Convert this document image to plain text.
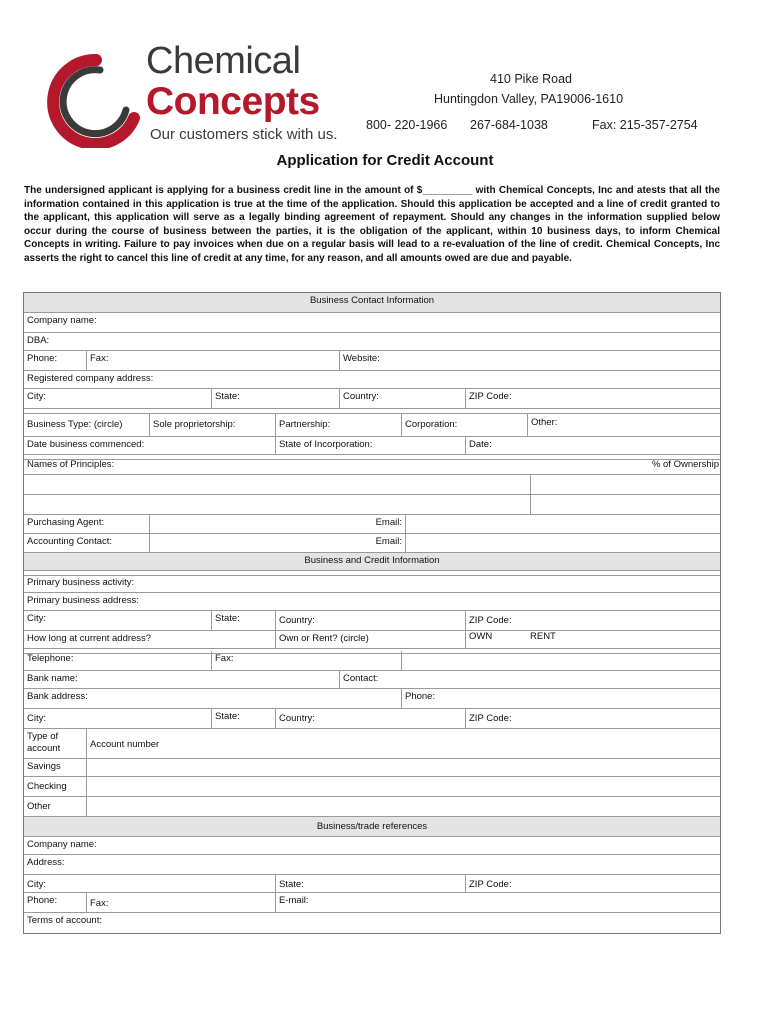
Chemical
Concepts
Our customers stick with us.
410 Pike Road
Huntingdon Valley, PA19006-1610
800- 220-1966 267-684-1038	Fax: 215-357-2754
Application for Credit Account
The undersigned applicant is applying for a business credit line in the amount of $_________ with Chemical Concepts, Inc and atests that all the information contained in this application is true at the time of the application. Should this application be accepted and a line of credit granted to the applicant, this application will serve as a legally binding agreement of repayment. Should any changes in the information supplied below occur during the course of business between the parties, it is the obligation of the applicant, within 10 business days, to inform Chemical Concepts in writing. Failure to pay invoices when due on a regular basis will lead to a re-evaluation of the line of credit. Chemical Concepts, Inc asserts the right to cancel this line of credit at any time, for any reason, and all amounts owed are due and payable.
Business Contact Information
Company name:
DBA:
Phone:	Fax:	Website:
Registered company address:
City:	State:	Country:	ZIP Code:
Business Type: (circle)	Sole proprietorship:	Partnership:	Corporation:	Other:
Date business commenced:	State of Incorporation:	Date:
Names of Principles:	% of Ownership
Purchasing Agent:	Email:
Accounting Contact:	Email:
Business and Credit Information
Primary business activity:
Primary business address:
City:	State:	Country:	ZIP Code:
How long at current address?	Own or Rent? (circle)	OWN	RENT
Telephone:	Fax:
Bank name:	Contact:
Bank address:	Phone:
City:	State:	Country:	ZIP Code:
Type of account	Account number
Savings
Checking
Other
Business/trade references
Company name:
Address:
City:	State:	ZIP Code:
Phone:	Fax:	E-mail:
Terms of account:
